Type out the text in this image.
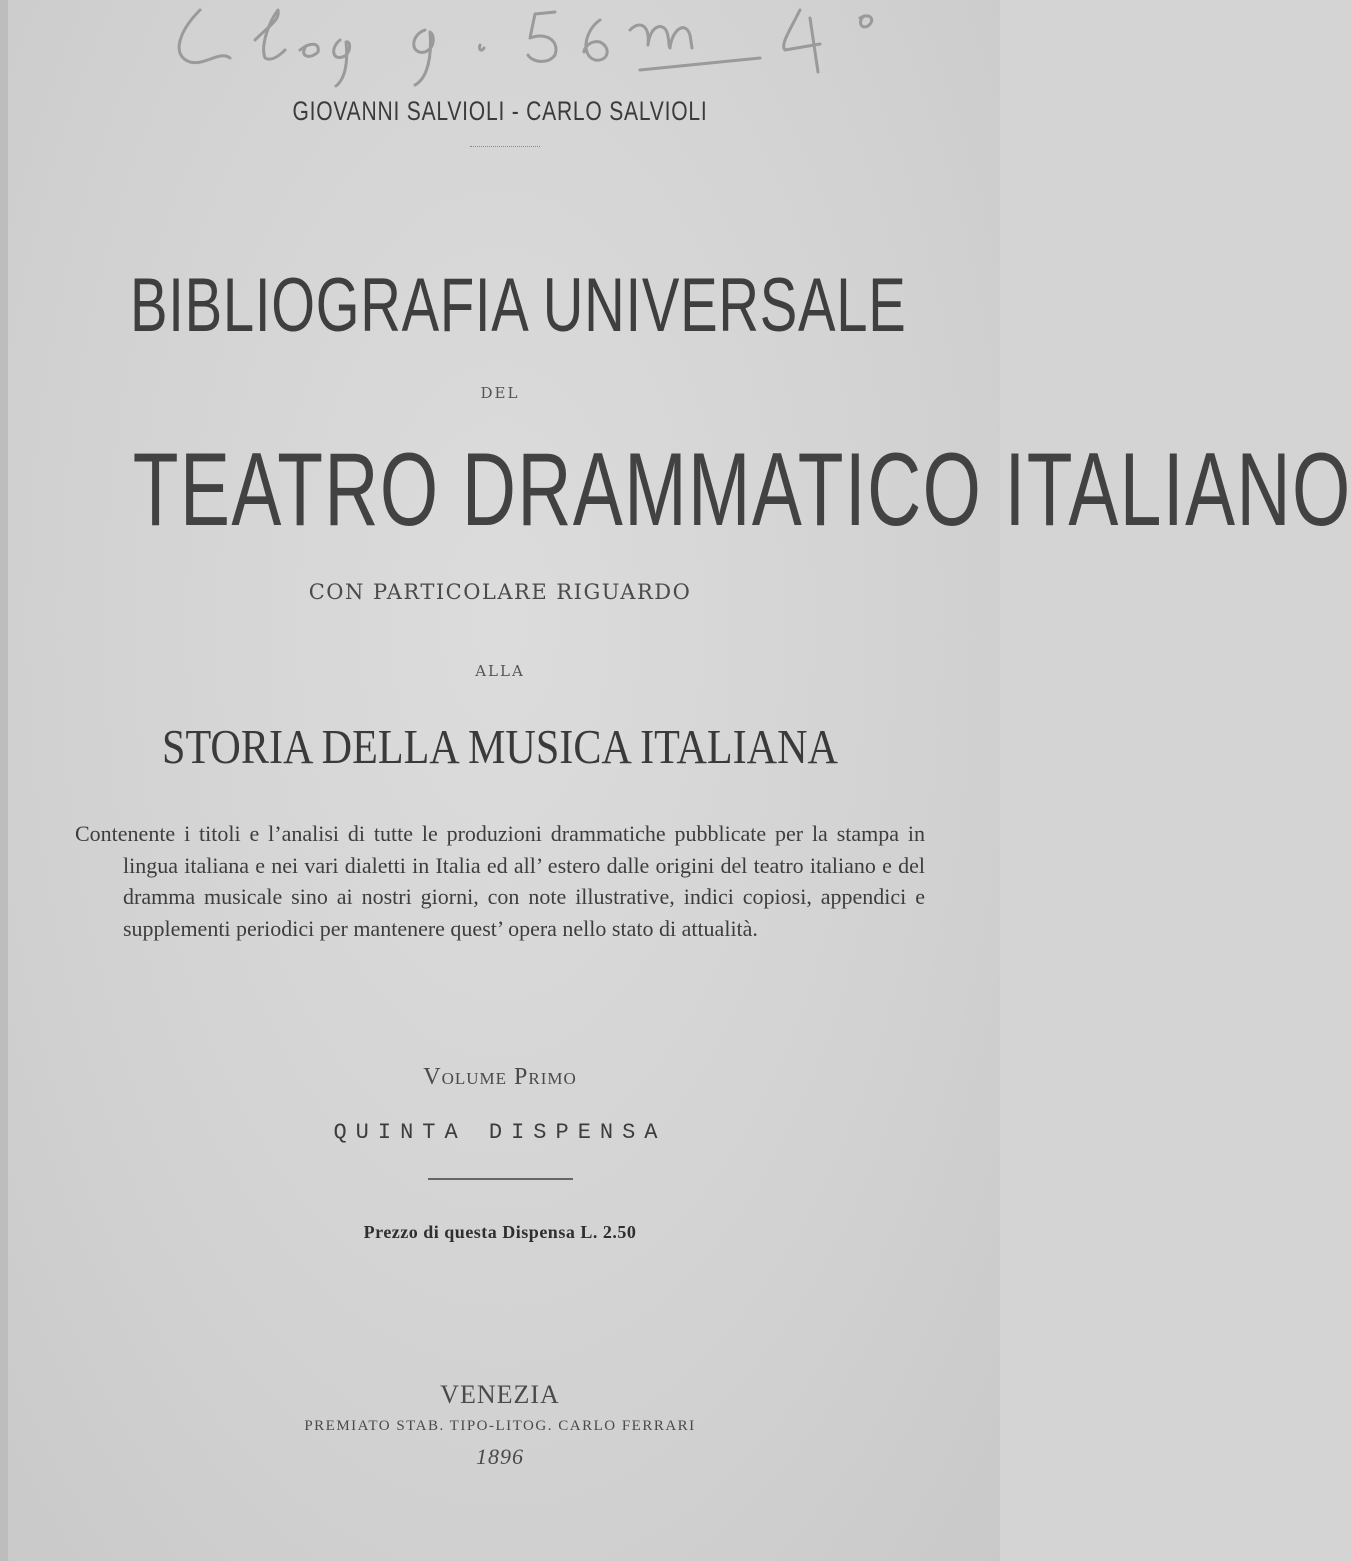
GIOVANNI SALVIOLI - CARLO SALVIOLI
BIBLIOGRAFIA UNIVERSALE
DEL
TEATRO DRAMMATICO ITALIANO
CON PARTICOLARE RIGUARDO
ALLA
STORIA DELLA MUSICA ITALIANA

Contenente i titoli e l’analisi di tutte le produzioni drammatiche pubblicate per la stampa in lingua italiana e nei vari dialetti in Italia ed all’ estero dalle origini del teatro italiano e del dramma musicale sino ai nostri giorni, con note illustrative, indici copiosi, appendici e supplementi periodici per mantenere quest’ opera nello stato di attualità.

Volume Primo
QUINTA DISPENSA
Prezzo di questa Dispensa L. 2.50
VENEZIA
PREMIATO STAB. TIPO-LITOG. CARLO FERRARI
1896
